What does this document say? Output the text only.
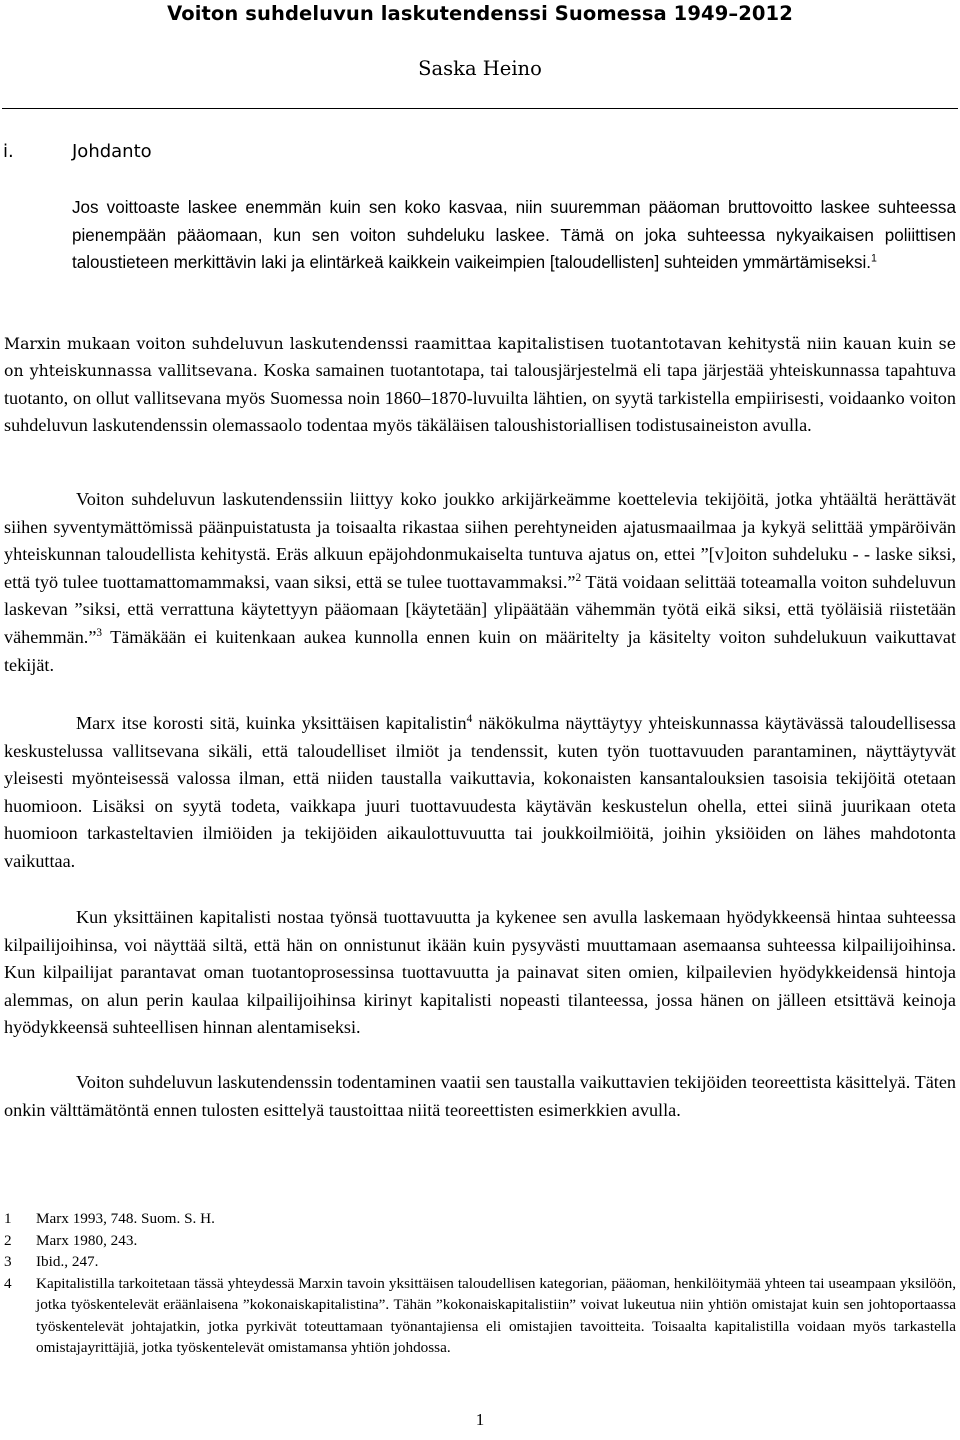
Voiton suhdeluvun laskutendenssi Suomessa 1949–2012
Saska Heino
i.	Johdanto

Jos voittoaste laskee enemmän kuin sen koko kasvaa, niin suuremman pääoman bruttovoitto laskee suhteessa pienempään pääomaan, kun sen voiton suhdeluku laskee. Tämä on joka suhteessa nykyaikaisen poliittisen taloustieteen merkittävin laki ja elintärkeä kaikkein vaikeimpien [taloudellisten] suhteiden ymmärtämiseksi.$^1$

Marxin mukaan voiton suhdeluvun laskutendenssi raamittaa kapitalistisen tuotantotavan kehitystä niin kauan kuin se on yhteiskunnassa vallitsevana. Koska samainen tuotantotapa, tai talousjärjestelmä eli tapa järjestää yhteiskunnassa tapahtuva tuotanto, on ollut vallitsevana myös Suomessa noin 1860–1870-luvuilta lähtien, on syytä tarkistella empiirisesti, voidaanko voiton suhdeluvun laskutendenssin olemassaolo todentaa myös täkäläisen taloushistoriallisen todistusaineiston avulla.

Voiton suhdeluvun laskutendenssiin liittyy koko joukko arkijärkeämme koettelevia tekijöitä, jotka yhtäältä herättävät siihen syventymättömissä päänpuistatusta ja toisaalta rikastaa siihen perehtyneiden ajatusmaailmaa ja kykyä selittää ympäröivän yhteiskunnan taloudellista kehitystä. Eräs alkuun epäjohdonmukaiselta tuntuva ajatus on, ettei ”[v]oiton suhdeluku - - laske siksi, että työ tulee tuottamattomammaksi, vaan siksi, että se tulee tuottavammaksi.”$^2$ Tätä voidaan selittää toteamalla voiton suhdeluvun laskevan ”siksi, että verrattuna käytettyyn pääomaan [käytetään] ylipäätään vähemmän työtä eikä siksi, että työläisiä riistetään vähemmän.”$^3$ Tämäkään ei kuitenkaan aukea kunnolla ennen kuin on määritelty ja käsitelty voiton suhdelukuun vaikuttavat tekijät.

Marx itse korosti sitä, kuinka yksittäisen kapitalistin$^4$ näkökulma näyttäytyy yhteiskunnassa käytävässä taloudellisessa keskustelussa vallitsevana sikäli, että taloudelliset ilmiöt ja tendenssit, kuten työn tuottavuuden parantaminen, näyttäytyvät yleisesti myönteisessä valossa ilman, että niiden taustalla vaikuttavia, kokonaisten kansantalouksien tasoisia tekijöitä otetaan huomioon. Lisäksi on syytä todeta, vaikkapa juuri tuottavuudesta käytävän keskustelun ohella, ettei siinä juurikaan oteta huomioon tarkasteltavien ilmiöiden ja tekijöiden aikaulottuvuutta tai joukkoilmiöitä, joihin yksiöiden on lähes mahdotonta vaikuttaa.

Kun yksittäinen kapitalisti nostaa työnsä tuottavuutta ja kykenee sen avulla laskemaan hyödykkeensä hintaa suhteessa kilpailijoihinsa, voi näyttää siltä, että hän on onnistunut ikään kuin pysyvästi muuttamaan asemaansa suhteessa kilpailijoihinsa. Kun kilpailijat parantavat oman tuotantoprosessinsa tuottavuutta ja painavat siten omien, kilpailevien hyödykkeidensä hintoja alemmas, on alun perin kaulaa kilpailijoihinsa kirinyt kapitalisti nopeasti tilanteessa, jossa hänen on jälleen etsittävä keinoja hyödykkeensä suhteellisen hinnan alentamiseksi.

Voiton suhdeluvun laskutendenssin todentaminen vaatii sen taustalla vaikuttavien tekijöiden teoreettista käsittelyä. Täten onkin välttämätöntä ennen tulosten esittelyä taustoittaa niitä teoreettisten esimerkkien avulla.

1	Marx 1993, 748. Suom. S. H.
2	Marx 1980, 243.
3	Ibid., 247.
4	Kapitalistilla tarkoitetaan tässä yhteydessä Marxin tavoin yksittäisen taloudellisen kategorian, pääoman, henkilöitymää yhteen tai useampaan yksilöön, jotka työskentelevät eräänlaisena ”kokonaiskapitalistina”. Tähän ”kokonaiskapitalistiin” voivat lukeutua niin yhtiön omistajat kuin sen johtoportaassa työskentelevät johtajatkin, jotka pyrkivät toteuttamaan työnantajiensa eli omistajien tavoitteita. Toisaalta kapitalistilla voidaan myös tarkastella omistajayrittäjiä, jotka työskentelevät omistamansa yhtiön johdossa.
1
